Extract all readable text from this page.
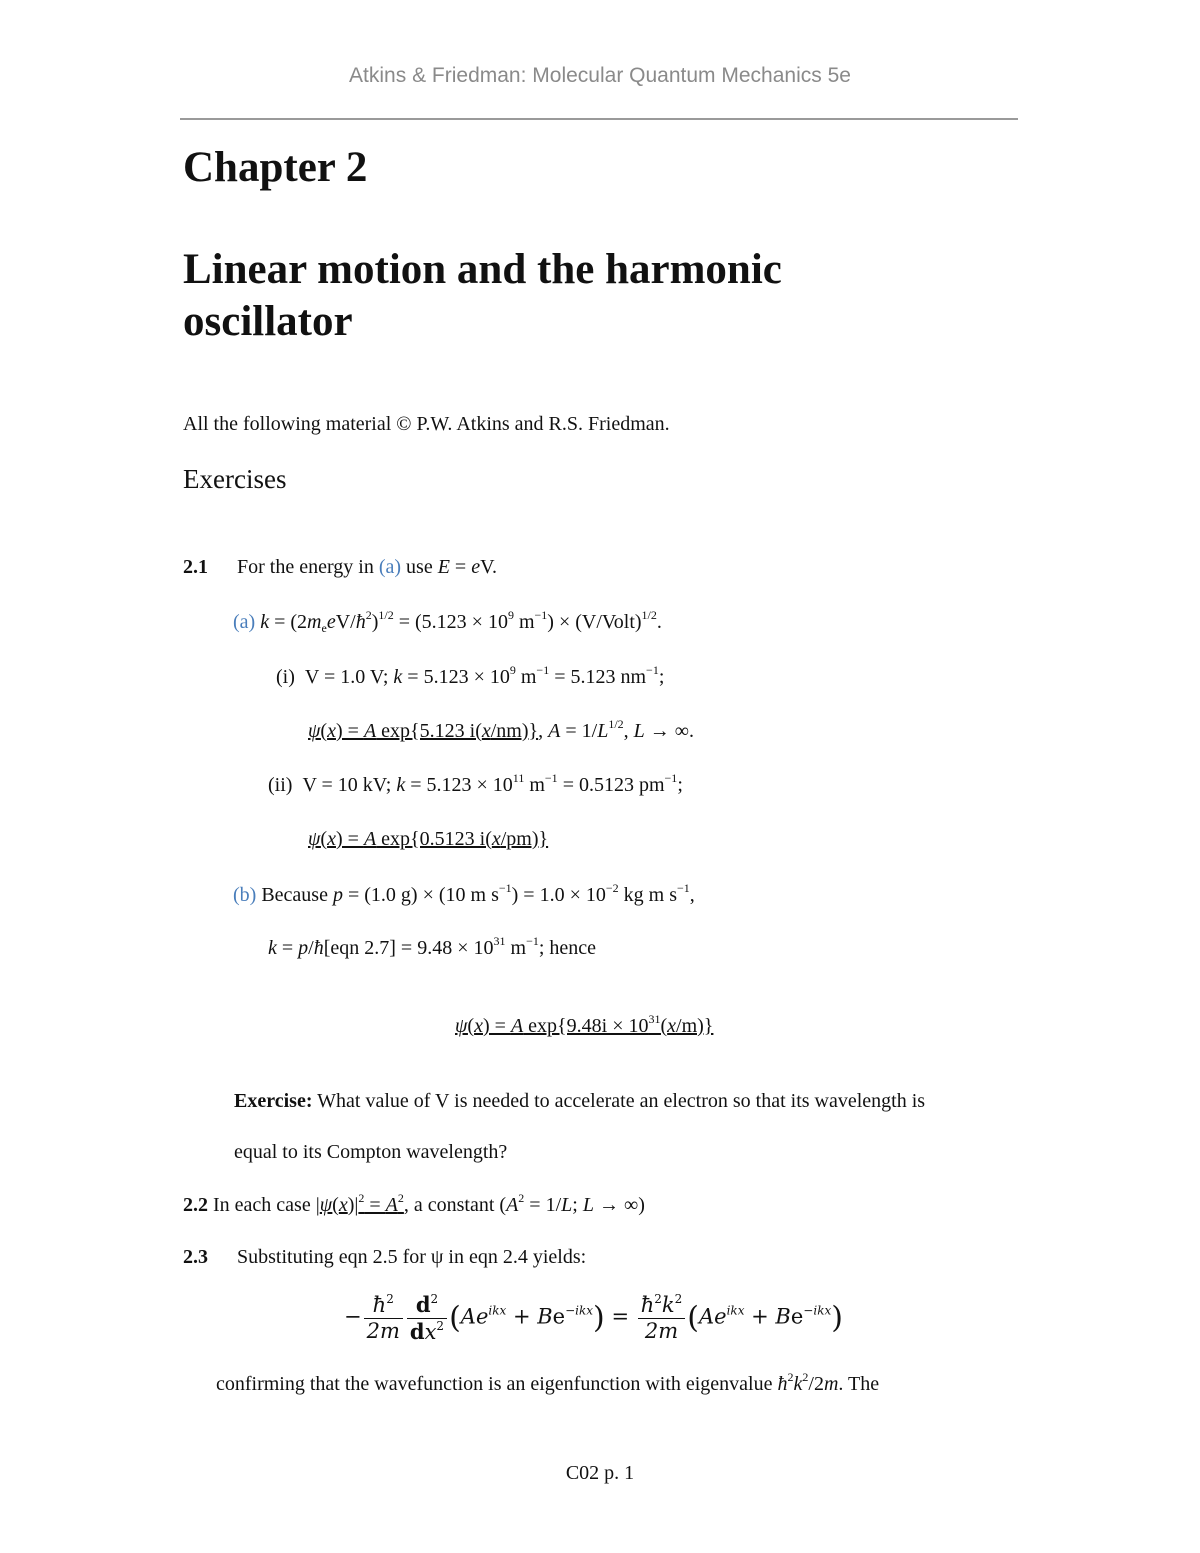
Atkins & Friedman: Molecular Quantum Mechanics 5e
Chapter 2
Linear motion and the harmonic
oscillator
All the following material © P.W. Atkins and R.S. Friedman.
Exercises
2.1 For the energy in (a) use E = eV.
(a) $k = (2m_eeV/ħ^2)^{1/2} = (5.123 \times 10^9$ $m^{-1}$) × (V/Volt)$^{1/2}$.
(i)  V = 1.0 V; $k = 5.123 \times 10^9$ $m^{-1} = 5.123$ $nm^{-1}$;
ψ(x) = A exp{5.123 i(x/nm)}, $A = 1/L^{1/2}$, L → ∞.
(ii)  V = 10 kV; $k = 5.123 \times 10^{11}$ $m^{-1} = 0.5123$ $pm^{-1}$;
ψ(x) = A exp{0.5123 i(x/pm)}
(b) Because p = (1.0 g) × (10 m $s^{-1}) = 1.0 \times 10^{-2}$ kg m $s^{-1}$,
k = p/ħ[eqn $2.7] = 9.48 \times 10^{31}$ $m^{-1}$; hence
ψ(x) = A $\exp\{9.48i \times 10^{31}(x/m)\}$
Exercise: What value of V is needed to accelerate an electron so that its wavelength is
equal to its Compton wavelength?
2.2 In each case $|\psi(x)|^2 = A^2$, a constant ($A^2 = 1/L$; L → ∞)
2.3 Substituting eqn 2.5 for ψ in eqn 2.4 yields:
− $\frac{ħ^2}{2m} \frac{d^2}{dx^2} (Ae^{ikx} + Be^{-ikx}) = \frac{ħ^2k^2}{2m} (Ae^{ikx} + Be^{-ikx})$
confirming that the wavefunction is an eigenfunction with eigenvalue $ħ^2k^2/2m$. The
C02 p. 1
